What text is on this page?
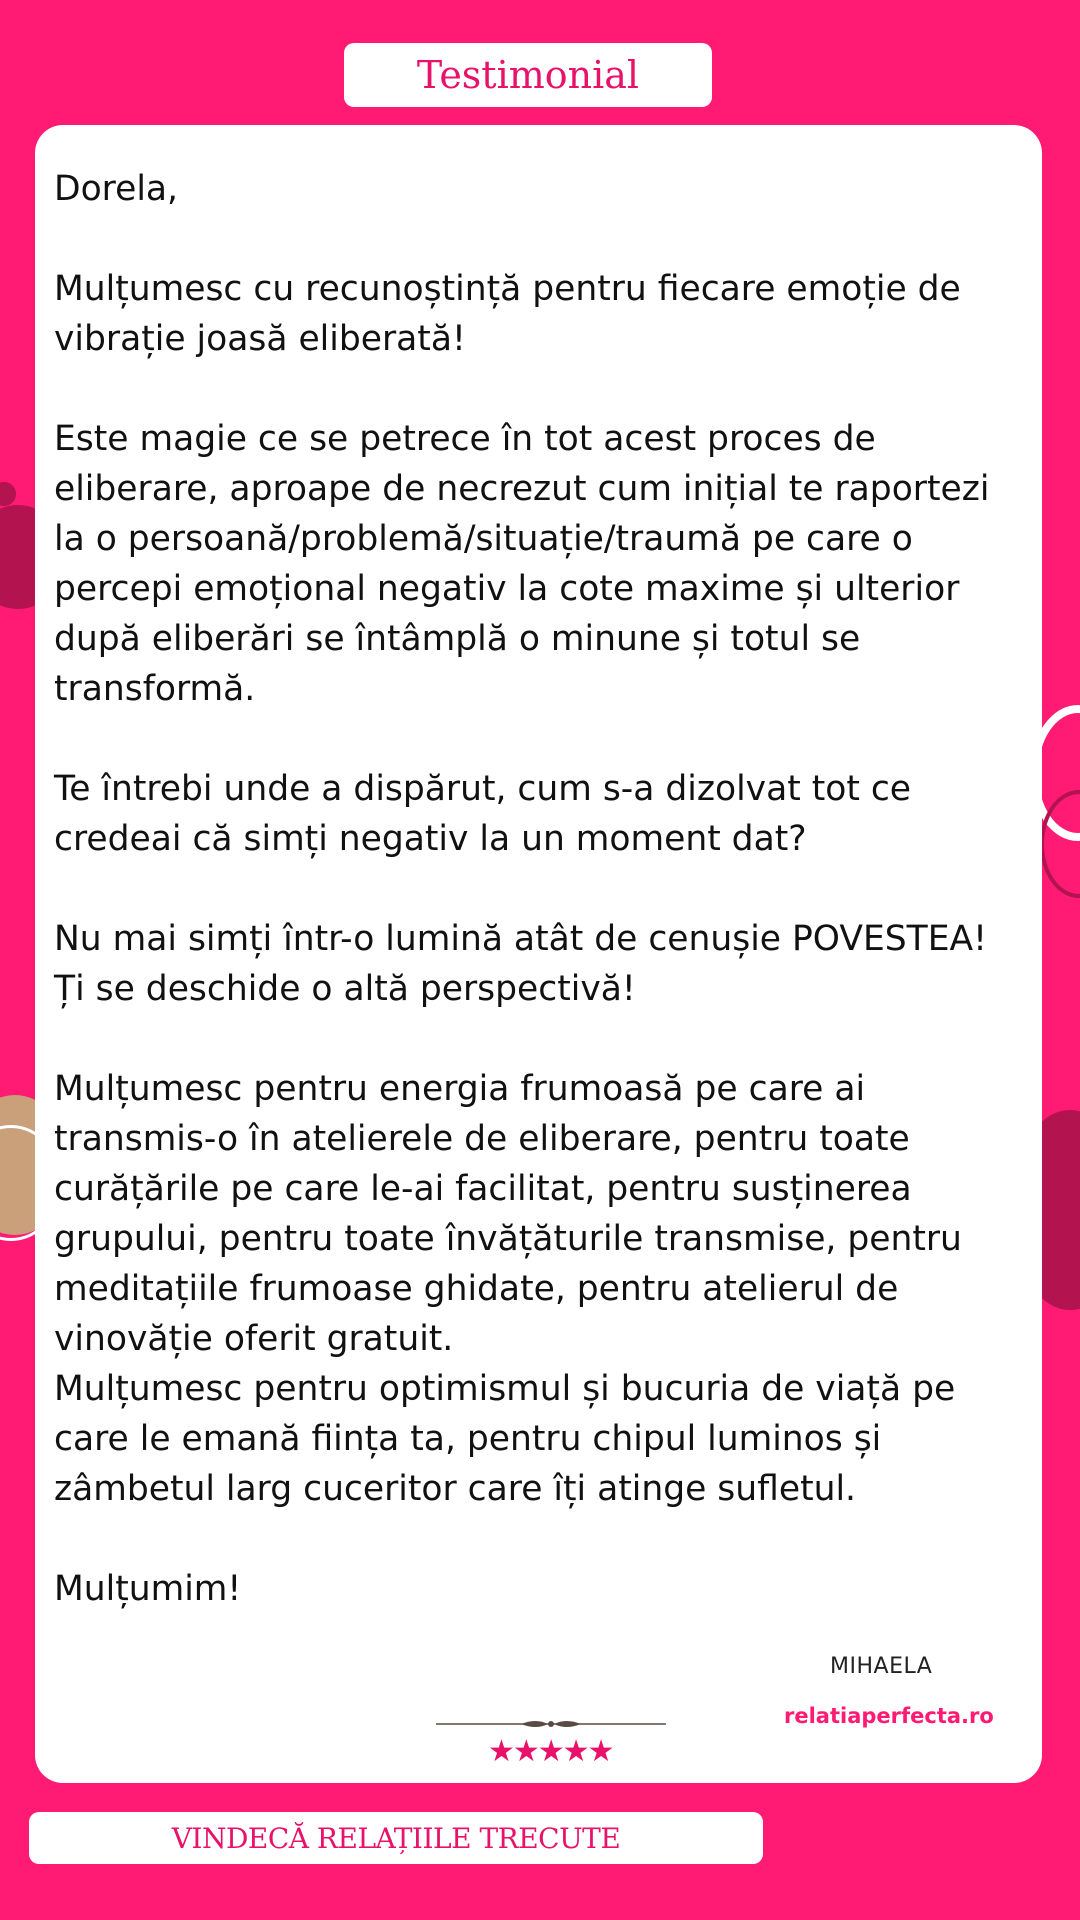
Testimonial
Dorela,

Mulțumesc cu recunoștință pentru fiecare emoție de vibrație joasă eliberată!

Este magie ce se petrece în tot acest proces de eliberare, aproape de necrezut cum inițial te raportezi la o persoană/problemă/situație/traumă pe care o percepi emoțional negativ la cote maxime și ulterior după eliberări se întâmplă o minune și totul se transformă.

Te întrebi unde a dispărut, cum s-a dizolvat tot ce credeai că simți negativ la un moment dat?

Nu mai simți într-o lumină atât de cenușie POVESTEA! Ți se deschide o altă perspectivă!

Mulțumesc pentru energia frumoasă pe care ai transmis-o în atelierele de eliberare, pentru toate curățările pe care le-ai facilitat, pentru susținerea grupului, pentru toate învățăturile transmise, pentru meditațiile frumoase ghidate, pentru atelierul de vinovăție oferit gratuit.
Mulțumesc pentru optimismul și bucuria de viață pe care le emană ființa ta, pentru chipul luminos și zâmbetul larg cuceritor care îți atinge sufletul.

Mulțumim!
MIHAELA
relatiaperfecta.ro
★★★★★
VINDECĂ RELAȚIILE TRECUTE
